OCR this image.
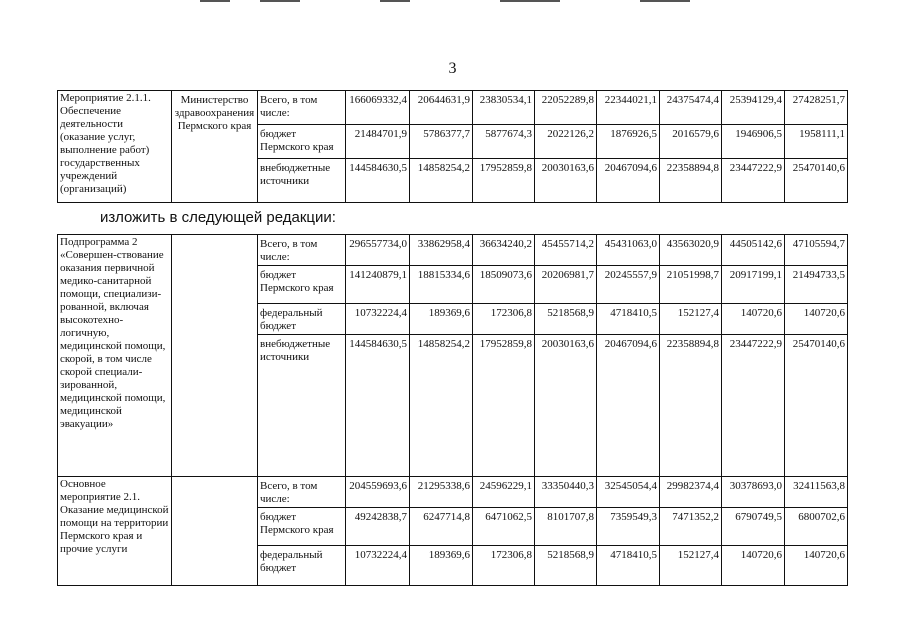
3
Мероприятие 2.1.1. Обеспечение деятельности (оказание услуг, выполнение работ) государственных учреждений (организаций)	Министерство здравоохранения Пермского края	Всего, в том числе:	166069332,4	20644631,9	23830534,1	22052289,8	22344021,1	24375474,4	25394129,4	27428251,7
		бюджет Пермского края	21484701,9	5786377,7	5877674,3	2022126,2	1876926,5	2016579,6	1946906,5	1958111,1
		внебюджетные источники	144584630,5	14858254,2	17952859,8	20030163,6	20467094,6	22358894,8	23447222,9	25470140,6
изложить в следующей редакции:
Подпрограмма 2 «Совершен-ствование оказания первичной медико-санитарной помощи, специализи-рованной, включая высокотехно-логичную, медицинской помощи, скорой, в том числе скорой специали-зированной, медицинской помощи, медицинской эвакуации»		Всего, в том числе:	296557734,0	33862958,4	36634240,2	45455714,2	45431063,0	43563020,9	44505142,6	47105594,7
		бюджет Пермского края	141240879,1	18815334,6	18509073,6	20206981,7	20245557,9	21051998,7	20917199,1	21494733,5
		федеральный бюджет	10732224,4	189369,6	172306,8	5218568,9	4718410,5	152127,4	140720,6	140720,6
		внебюджетные источники	144584630,5	14858254,2	17952859,8	20030163,6	20467094,6	22358894,8	23447222,9	25470140,6
Основное мероприятие 2.1. Оказание медицинской помощи на территории Пермского края и прочие услуги		Всего, в том числе:	204559693,6	21295338,6	24596229,1	33350440,3	32545054,4	29982374,4	30378693,0	32411563,8
		бюджет Пермского края	49242838,7	6247714,8	6471062,5	8101707,8	7359549,3	7471352,2	6790749,5	6800702,6
		федеральный бюджет	10732224,4	189369,6	172306,8	5218568,9	4718410,5	152127,4	140720,6	140720,6
